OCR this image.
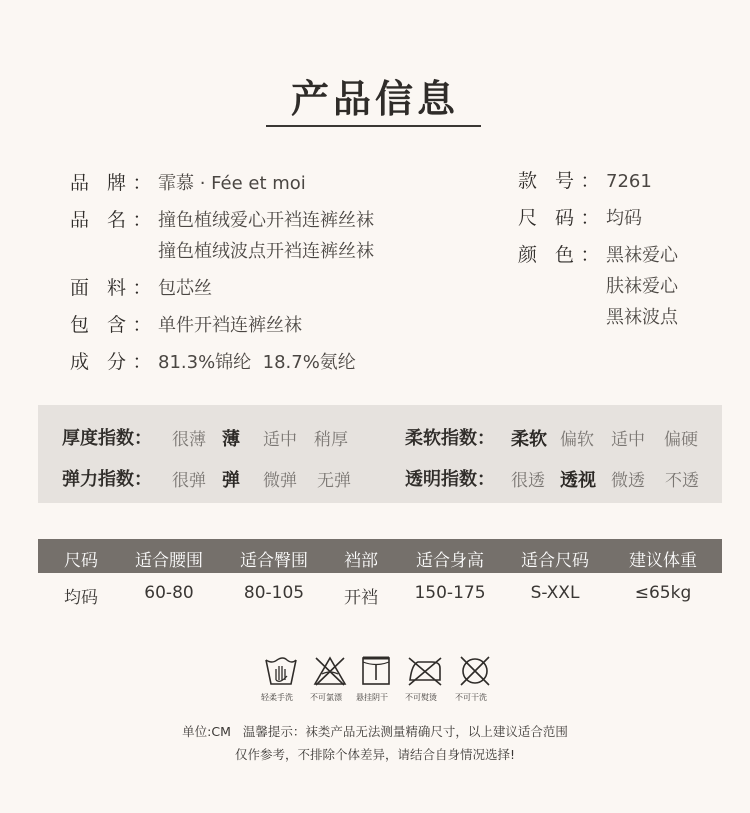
产品信息
品 牌 ： 霏慕 · Fée et moi
品 名 ： 撞色植绒爱心开裆连裤丝袜
撞色植绒波点开裆连裤丝袜
面 料 ： 包芯丝
包 含 ： 单件开裆连裤丝袜
成 分 ： 81.3%锦纶  18.7%氨纶
款 号 ： 7261
尺 码 ： 均码
颜 色 ： 黑袜爱心
肤袜爱心
黑袜波点
厚度指数： 很薄 薄 适中 稍厚	柔软指数： 柔软 偏软 适中 偏硬
弹力指数： 很弹 弹 微弹 无弹	透明指数： 很透 透视 微透 不透
尺码 适合腰围 适合臀围 裆部 适合身高 适合尺码 建议体重
均码	60-80	80-105 开裆 150-175	S-XXL	≤65kg
轻柔手洗	不可氯漂	悬挂阴干	不可熨烫	不可干洗
单位:CM   温馨提示：袜类产品无法测量精确尺寸，以上建议适合范围
仅作参考，不排除个体差异，请结合自身情况选择!
